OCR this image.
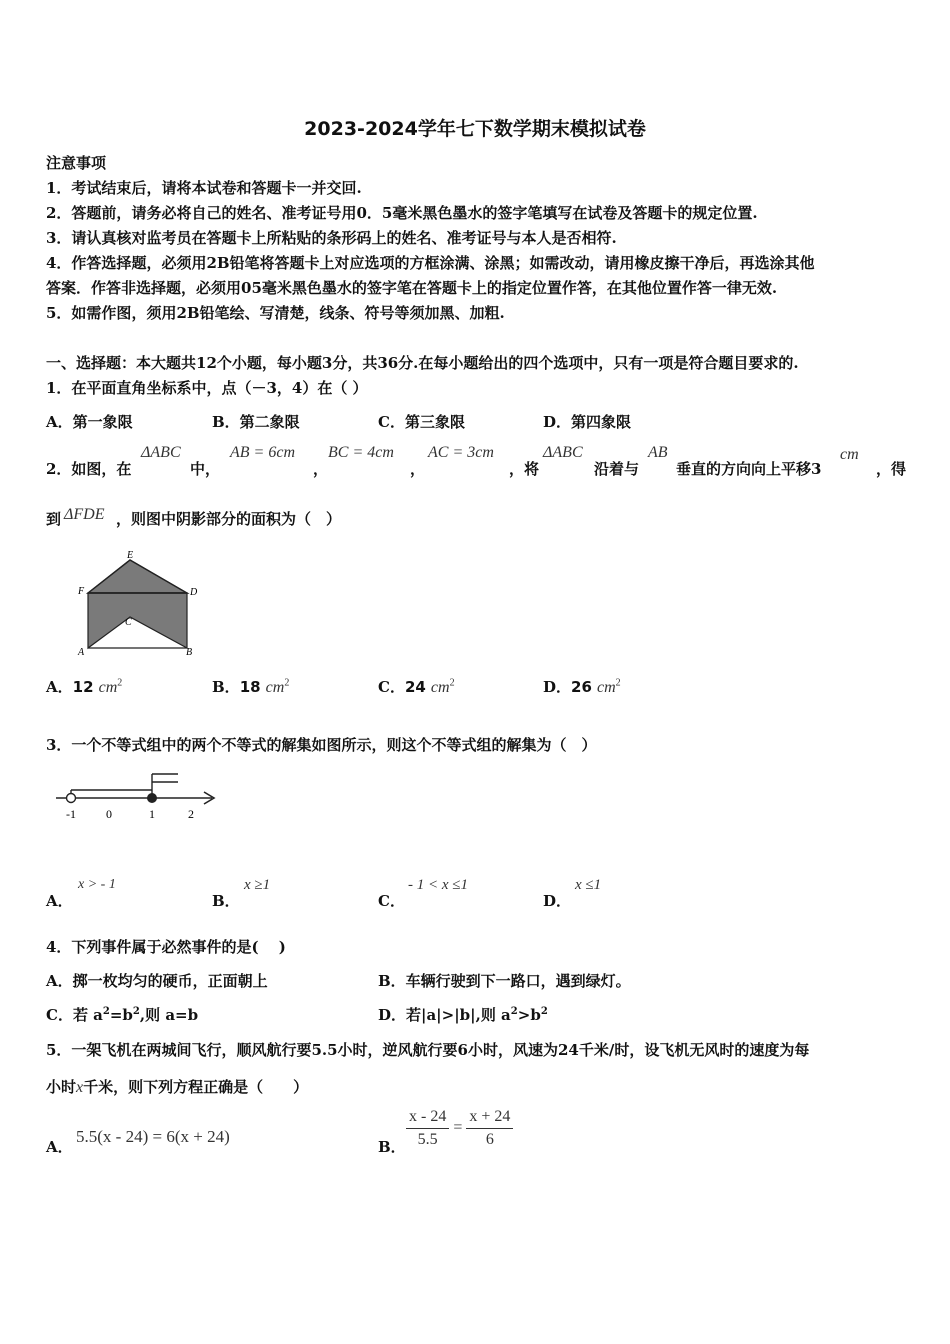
2023-2024学年七下数学期末模拟试卷
注意事项
1．考试结束后，请将本试卷和答题卡一并交回.
2．答题前，请务必将自己的姓名、准考证号用0．5毫米黑色墨水的签字笔填写在试卷及答题卡的规定位置.
3．请认真核对监考员在答题卡上所粘贴的条形码上的姓名、准考证号与本人是否相符.
4．作答选择题，必须用2B铅笔将答题卡上对应选项的方框涂满、涂黑；如需改动，请用橡皮擦干净后，再选涂其他
答案．作答非选择题，必须用05毫米黑色墨水的签字笔在答题卡上的指定位置作答，在其他位置作答一律无效.
5．如需作图，须用2B铅笔绘、写清楚，线条、符号等须加黑、加粗.
一、选择题：本大题共12个小题，每小题3分，共36分.在每小题给出的四个选项中，只有一项是符合题目要求的.
1．在平面直角坐标系中，点（－3，4）在（ ）
A．第一象限	B．第二象限	C．第三象限	D．第四象限
2．如图，在
ΔABC
中，
AB = 6cm
，
BC = 4cm
，
AC = 3cm
，将
ΔABC
沿着与
AB
垂直的方向向上平移3
cm
，得
到 ΔFDE ，则图中阴影部分的面积为（　）
E
F	D
C
A	B
A．12 $cm^2$	B．18 $cm^2$	C．24 $cm^2$	D．26 $cm^2$
3．一个不等式组中的两个不等式的解集如图所示，则这个不等式组的解集为（　）
-1	0	1	2
A．
x > - 1
B．
x ≥1
C．
- 1 < x ≤1
D．
x ≤1
4．下列事件属于必然事件的是(　 )
A．掷一枚均匀的硬币，正面朝上	B．车辆行驶到下一路口，遇到绿灯。
C．若 $a^2=b^2$,则 a=b	D．若|a|>|b|,则 $a^2>b^2$
5．一架飞机在两城间飞行，顺风航行要5.5小时，逆风航行要6小时，风速为24千米/时，设飞机无风时的速度为每
小时x千米，则下列方程正确是（　　）
A．
5.5(x - 24) = 6(x + 24)
B． $\frac{x - 24}{5.5} = \frac{x + 24}{6}$
